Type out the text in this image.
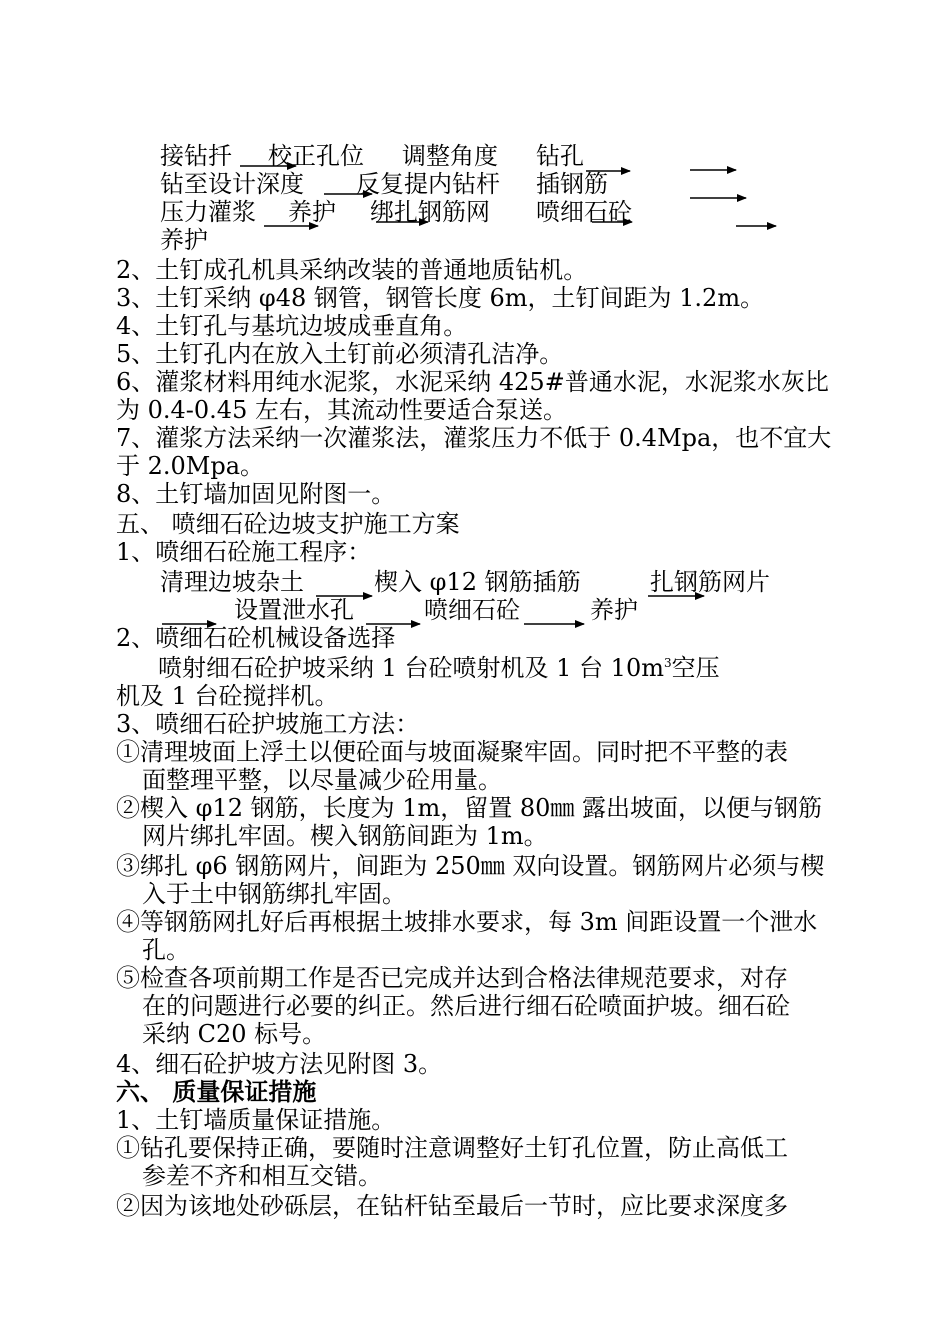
接钻扦 校正孔位 调整角度 钻孔
钻至设计深度 反复提内钻杆 插钢筋
压力灌浆 养护 绑扎钢筋网 喷细石砼
养护
2、土钉成孔机具采纳改装的普通地质钻机。
3、土钉采纳 φ48 钢管，钢管长度 6m，土钉间距为 1.2m。
4、土钉孔与基坑边坡成垂直角。
5、土钉孔内在放入土钉前必须清孔洁净。
6、灌浆材料用纯水泥浆，水泥采纳 425#普通水泥，水泥浆水灰比
为 0.4-0.45 左右，其流动性要适合泵送。
7、灌浆方法采纳一次灌浆法，灌浆压力不低于 0.4Mpa，也不宜大
于 2.0Mpa。
8、土钉墙加固见附图一。
五、 喷细石砼边坡支护施工方案
1、喷细石砼施工程序：
清理边坡杂土	楔入 φ12 钢筋插筋	扎钢筋网片
设置泄水孔	喷细石砼	养护
2、喷细石砼机械设备选择
喷射细石砼护坡采纳 1 台砼喷射机及 1 台 $10m^3$空压
机及 1 台砼搅拌机。
3、喷细石砼护坡施工方法：
①清理坡面上浮土以便砼面与坡面凝聚牢固。同时把不平整的表
面整理平整，以尽量减少砼用量。
②楔入 φ12 钢筋，长度为 1m，留置 80㎜ 露出坡面，以便与钢筋
网片绑扎牢固。楔入钢筋间距为 1m。
③绑扎 φ6 钢筋网片，间距为 250㎜ 双向设置。钢筋网片必须与楔
入于土中钢筋绑扎牢固。
④等钢筋网扎好后再根据土坡排水要求，每 3m 间距设置一个泄水
孔。
⑤检查各项前期工作是否已完成并达到合格法律规范要求，对存
在的问题进行必要的纠正。然后进行细石砼喷面护坡。细石砼
采纳 C20 标号。
4、细石砼护坡方法见附图 3。
六、 质量保证措施
1、土钉墙质量保证措施。
①钻孔要保持正确，要随时注意调整好土钉孔位置，防止高低工
参差不齐和相互交错。
②因为该地处砂砾层，在钻杆钻至最后一节时，应比要求深度多
